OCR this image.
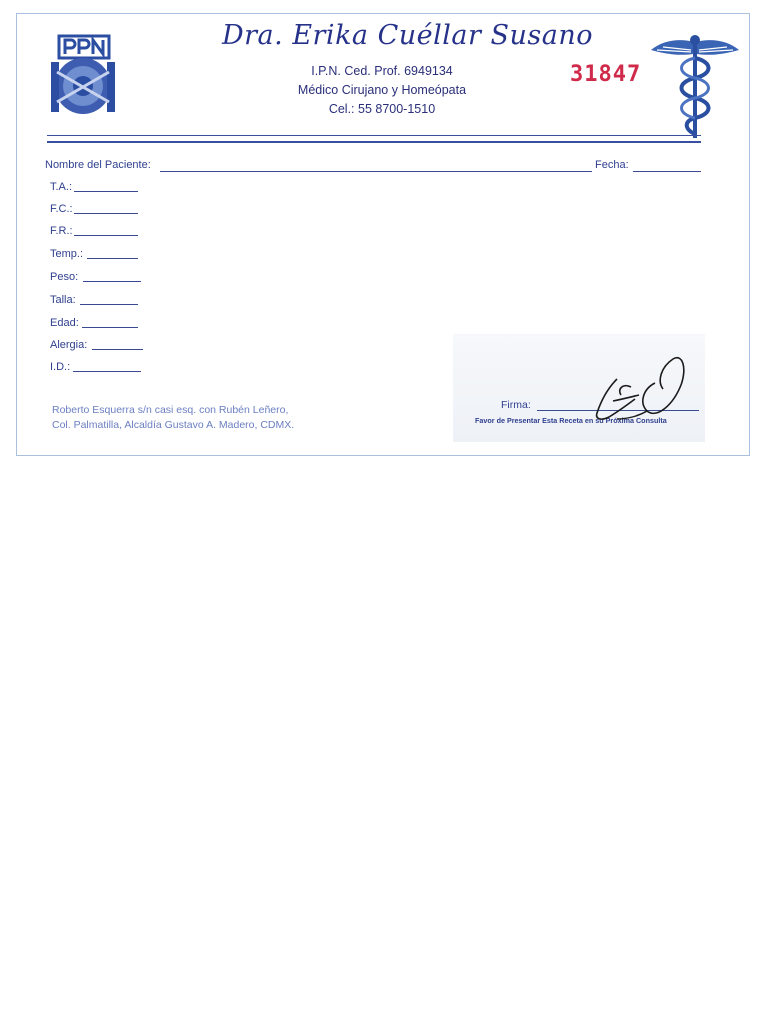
Dra. Erika Cuéllar Susano
I.P.N. Ced. Prof. 6949134
Médico Cirujano y Homeópata
Cel.: 55 8700-1510
31847
Nombre del Paciente:	Fecha:
T.A.:
F.C.:
F.R.:
Temp.:
Peso:
Talla:
Edad:
Alergia:
I.D.:
Roberto Esquerra s/n casi esq. con Rubén Leñero,
Col. Palmatilla, Alcaldía Gustavo A. Madero, CDMX.
Firma:
Favor de Presentar Esta Receta en su Próxima Consulta
